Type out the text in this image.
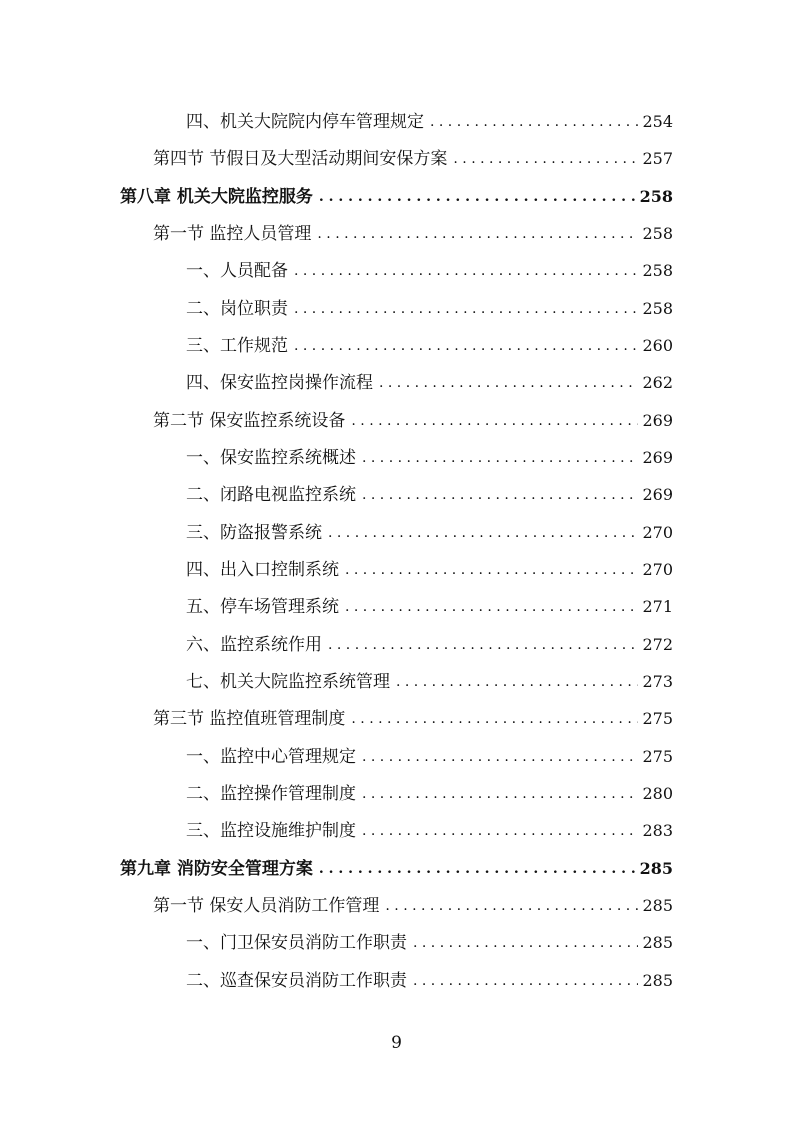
四、机关大院院内停车管理规定 . . .	254
第四节 节假日及大型活动期间安保方案 . . .	257
第八章 机关大院监控服务 . . .	258
第一节 监控人员管理 . . .	258
一、人员配备 . . .	258
二、岗位职责 . . .	258
三、工作规范 . . .	260
四、保安监控岗操作流程 . . .	262
第二节 保安监控系统设备 . . .	269
一、保安监控系统概述 . . .	269
二、闭路电视监控系统 . . .	269
三、防盗报警系统 . . .	270
四、出入口控制系统 . . .	270
五、停车场管理系统 . . .	271
六、监控系统作用 . . .	272
七、机关大院监控系统管理 . . .	273
第三节 监控值班管理制度 . . .	275
一、监控中心管理规定 . . .	275
二、监控操作管理制度 . . .	280
三、监控设施维护制度 . . .	283
第九章 消防安全管理方案 . . .	285
第一节 保安人员消防工作管理 . . .	285
一、门卫保安员消防工作职责 . . .	285
二、巡查保安员消防工作职责 . . .	285
9
